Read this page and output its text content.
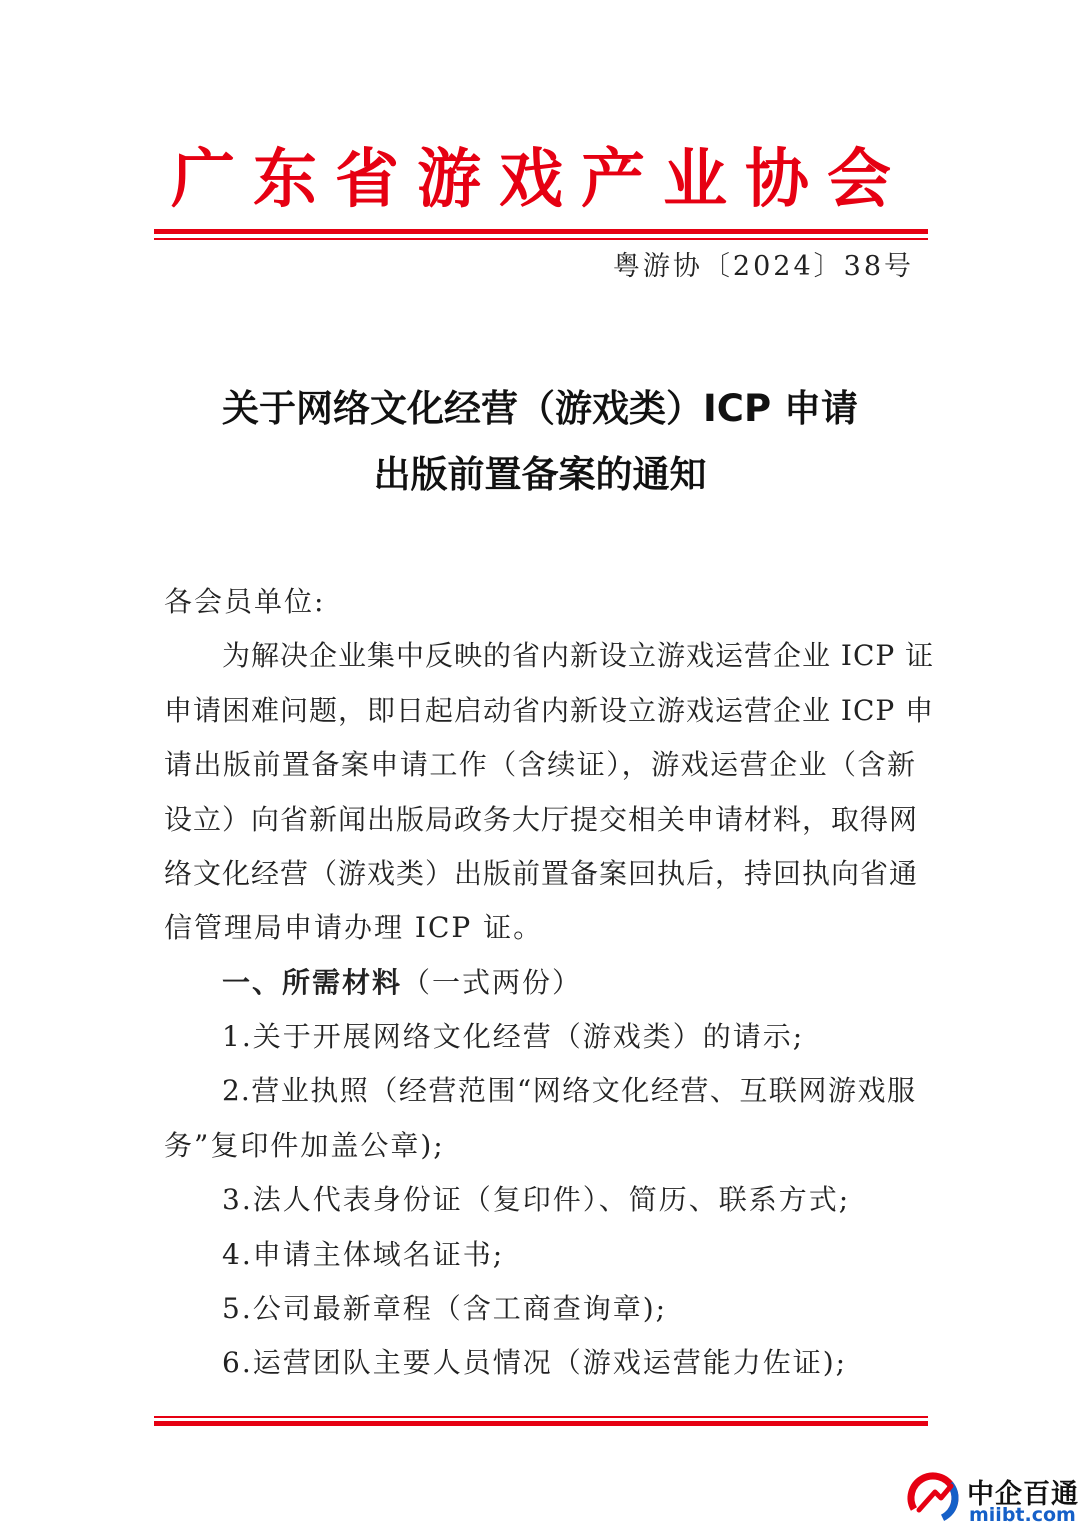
广东省游戏产业协会
粤游协〔2024〕38号
关于网络文化经营（游戏类）ICP 申请
出版前置备案的通知
各会员单位:
为解决企业集中反映的省内新设立游戏运营企业 ICP 证
申请困难问题，即日起启动省内新设立游戏运营企业 ICP 申
请出版前置备案申请工作（含续证），游戏运营企业（含新
设立）向省新闻出版局政务大厅提交相关申请材料，取得网
络文化经营（游戏类）出版前置备案回执后，持回执向省通
信管理局申请办理 ICP 证。
一、所需材料（一式两份）
1.关于开展网络文化经营（游戏类）的请示;
2.营业执照（经营范围“网络文化经营、互联网游戏服
务”复印件加盖公章);
3.法人代表身份证（复印件）、简历、联系方式;
4.申请主体域名证书;
5.公司最新章程（含工商查询章);
6.运营团队主要人员情况（游戏运营能力佐证);
中企百通
miibt.com
